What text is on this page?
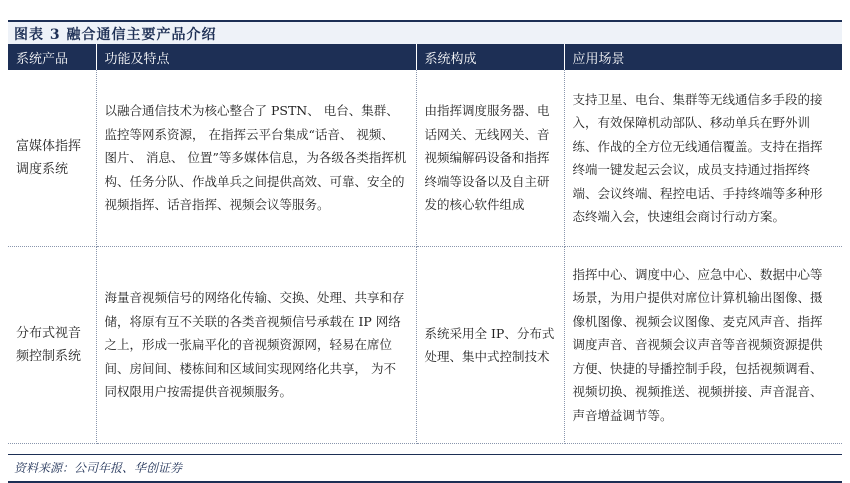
图表 3 融合通信主要产品介绍
系统产品	功能及特点	系统构成	应用场景
富媒体指挥调度系统	以融合通信技术为核心整合了 PSTN、 电台、集群、 监控等网系资源， 在指挥云平台集成“话音、 视频、 图片、 消息、 位置”等多媒体信息，为各级各类指挥机构、任务分队、作战单兵之间提供高效、可靠、安全的视频指挥、话音指挥、视频会议等服务。	由指挥调度服务器、电话网关、无线网关、音视频编解码设备和指挥终端等设备以及自主研发的核心软件组成	支持卫星、电台、集群等无线通信多手段的接入，有效保障机动部队、移动单兵在野外训练、作战的全方位无线通信覆盖。支持在指挥终端一键发起云会议，成员支持通过指挥终端、会议终端、程控电话、手持终端等多种形态终端入会，快速组会商讨行动方案。
分布式视音频控制系统	海量音视频信号的网络化传输、交换、处理、共享和存储，将原有互不关联的各类音视频信号承载在 IP 网络之上，形成一张扁平化的音视频资源网，轻易在席位间、房间间、楼栋间和区域间实现网络化共享， 为不同权限用户按需提供音视频服务。	系统采用全 IP、分布式处理、集中式控制技术	指挥中心、调度中心、应急中心、数据中心等场景，为用户提供对席位计算机输出图像、摄像机图像、视频会议图像、麦克风声音、指挥调度声音、音视频会议声音等音视频资源提供方便、快捷的导播控制手段，包括视频调看、视频切换、视频推送、视频拼接、声音混音、声音增益调节等。
资料来源：公司年报、华创证券
